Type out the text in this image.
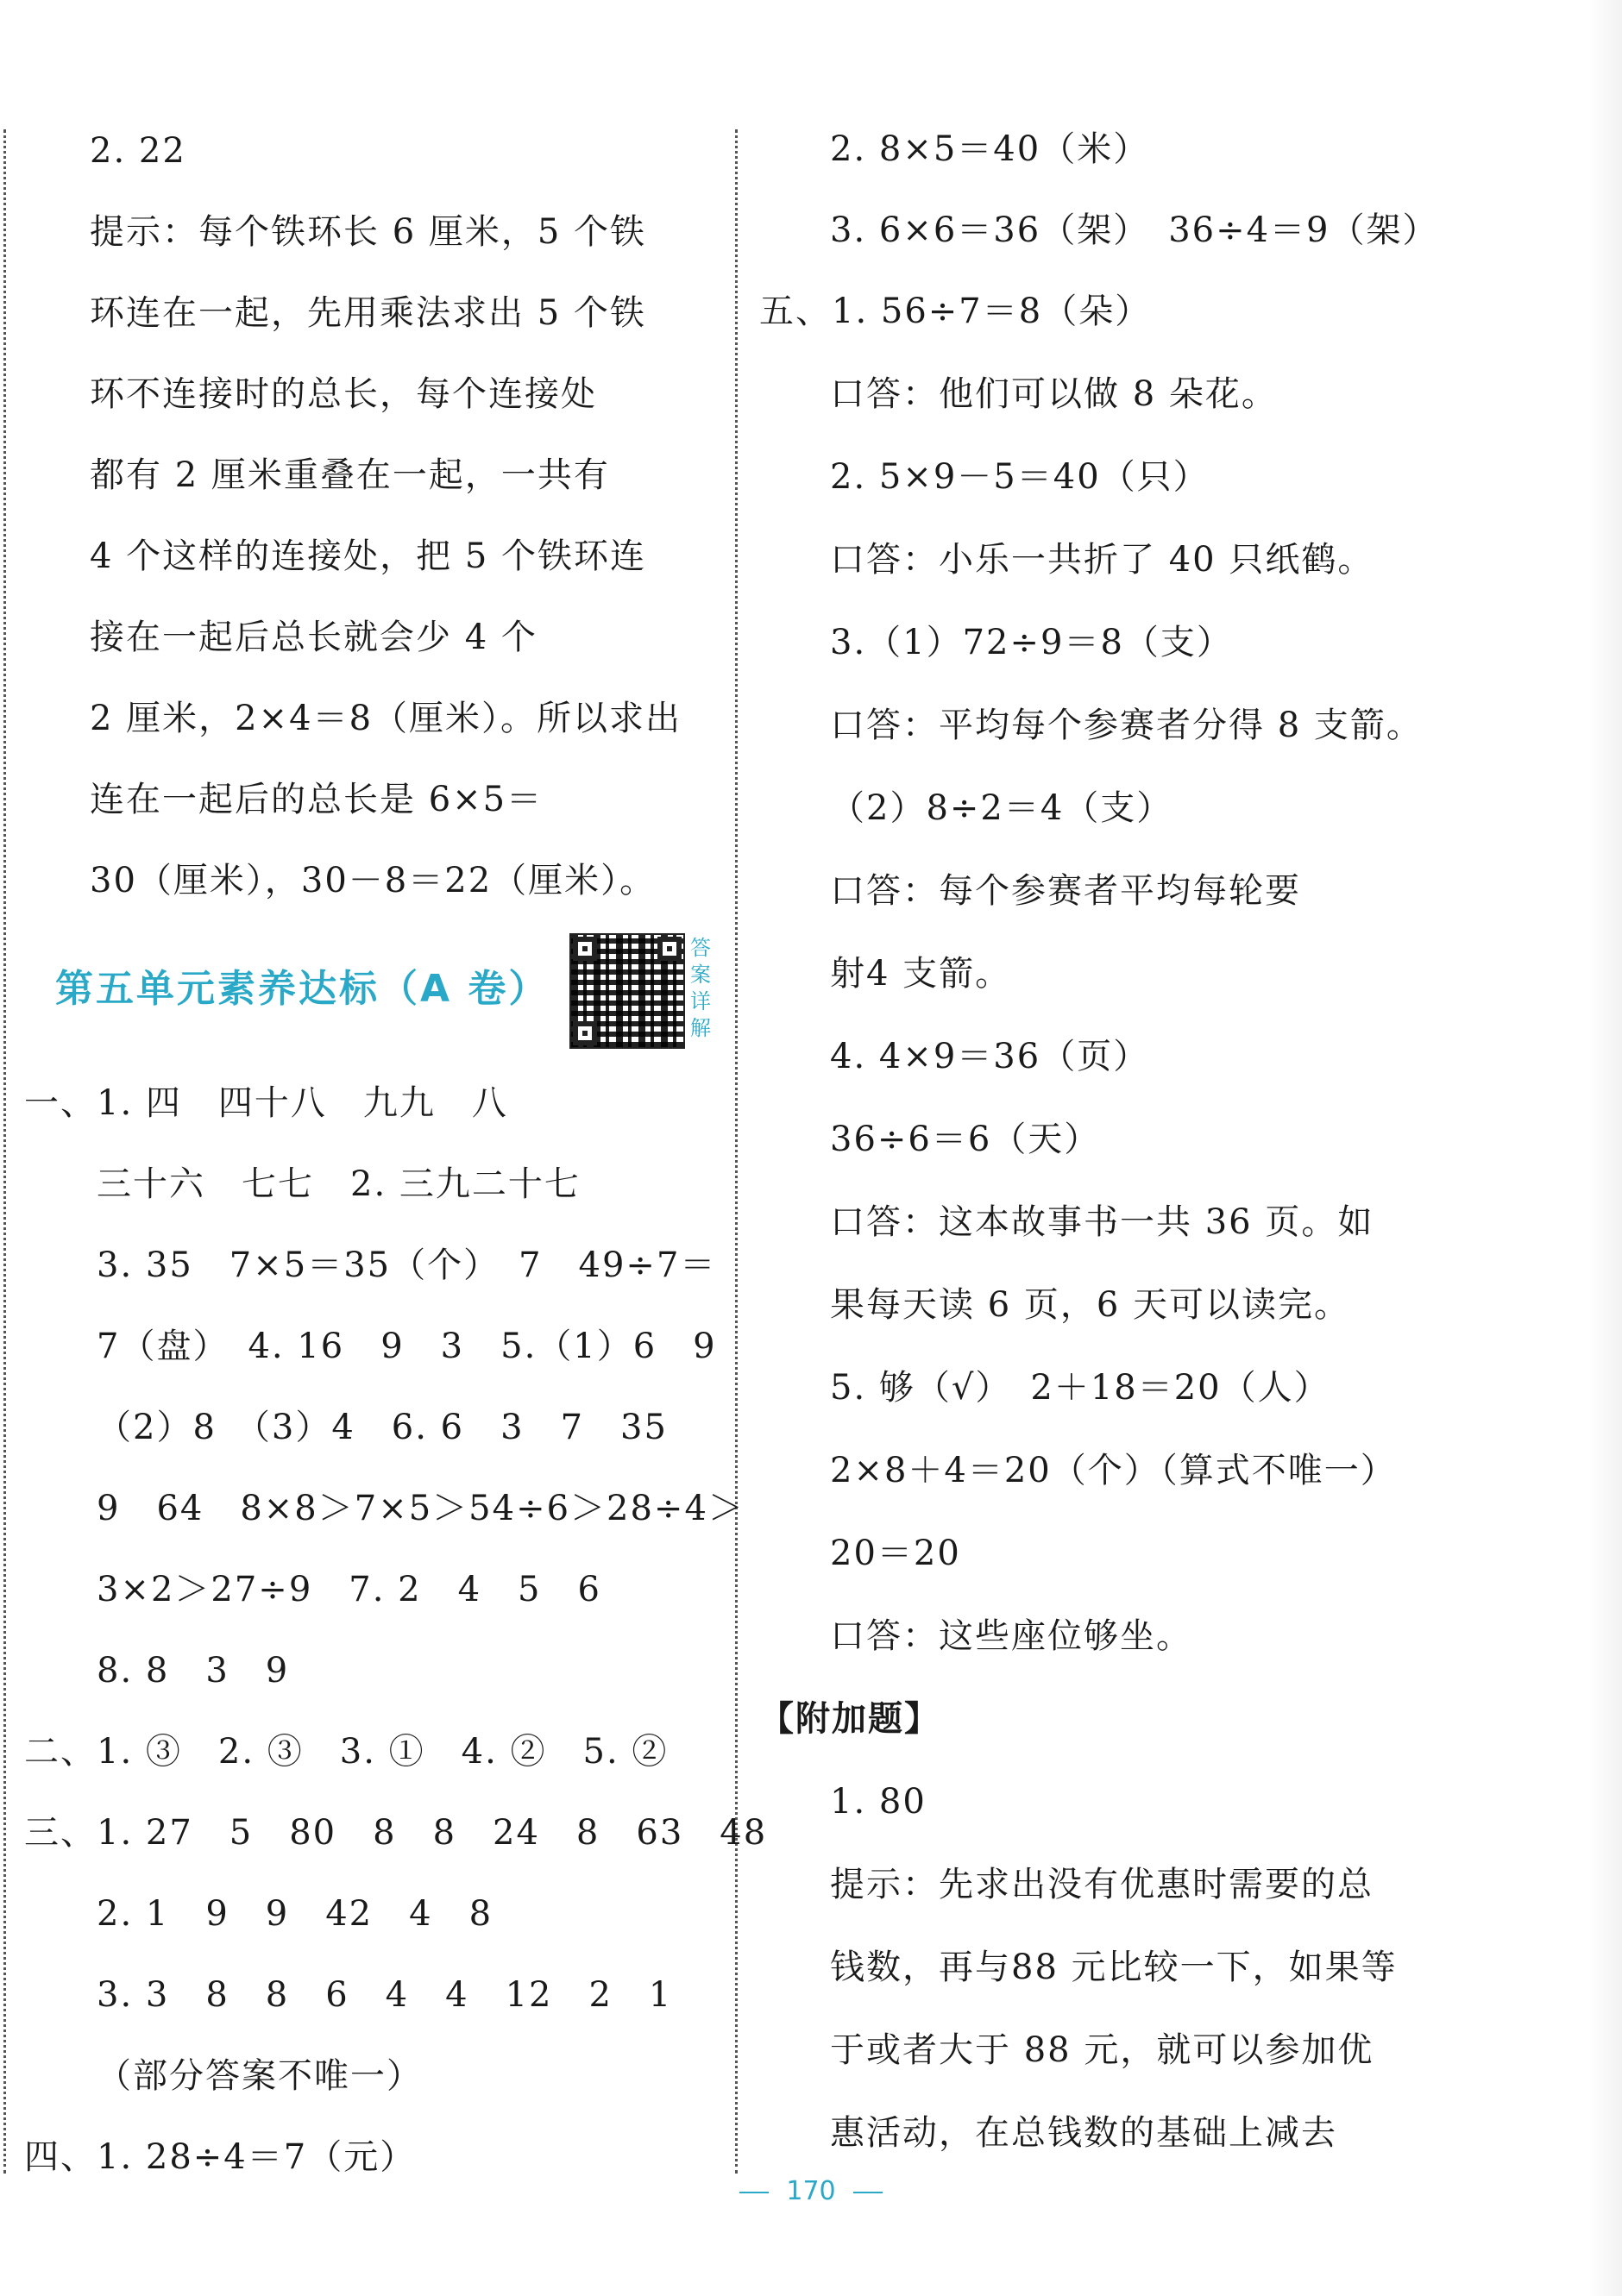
2. 22
提示：每个铁环长 6 厘米，5 个铁
环连在一起，先用乘法求出 5 个铁
环不连接时的总长，每个连接处
都有 2 厘米重叠在一起，一共有
4 个这样的连接处，把 5 个铁环连
接在一起后总长就会少 4 个
2 厘米，2×4＝8（厘米）。所以求出
连在一起后的总长是 6×5＝
30（厘米），30－8＝22（厘米）。
第五单元素养达标（A 卷）
答案详解
一、1. 四　四十八　九九　八
三十六　七七　2. 三九二十七
3. 35　7×5＝35（个）　7　49÷7＝
7（盘）　4. 16　9　3　5.（1）6　9
（2）8　（3）4　6. 6　3　7　35
9　64　8×8＞7×5＞54÷6＞28÷4＞
3×2＞27÷9　7. 2　4　5　6
8. 8　3　9
二、1. ③　2. ③　3. ①　4. ②　5. ②
三、1. 27　5　80　8　8　24　8　63　48
2. 1　9　9　42　4　8
3. 3　8　8　6　4　4　12　2　1
（部分答案不唯一）
四、1. 28÷4＝7（元）
2. 8×5＝40（米）
3. 6×6＝36（架）　36÷4＝9（架）
五、1. 56÷7＝8（朵）
口答：他们可以做 8 朵花。
2. 5×9－5＝40（只）
口答：小乐一共折了 40 只纸鹤。
3.（1）72÷9＝8（支）
口答：平均每个参赛者分得 8 支箭。
（2）8÷2＝4（支）
口答：每个参赛者平均每轮要
射4 支箭。
4. 4×9＝36（页）
36÷6＝6（天）
口答：这本故事书一共 36 页。如
果每天读 6 页，6 天可以读完。
5. 够（√）　2＋18＝20（人）
2×8＋4＝20（个）（算式不唯一）
20＝20
口答：这些座位够坐。
【附加题】
1. 80
提示：先求出没有优惠时需要的总
钱数，再与88 元比较一下，如果等
于或者大于 88 元，就可以参加优
惠活动，在总钱数的基础上减去
170
